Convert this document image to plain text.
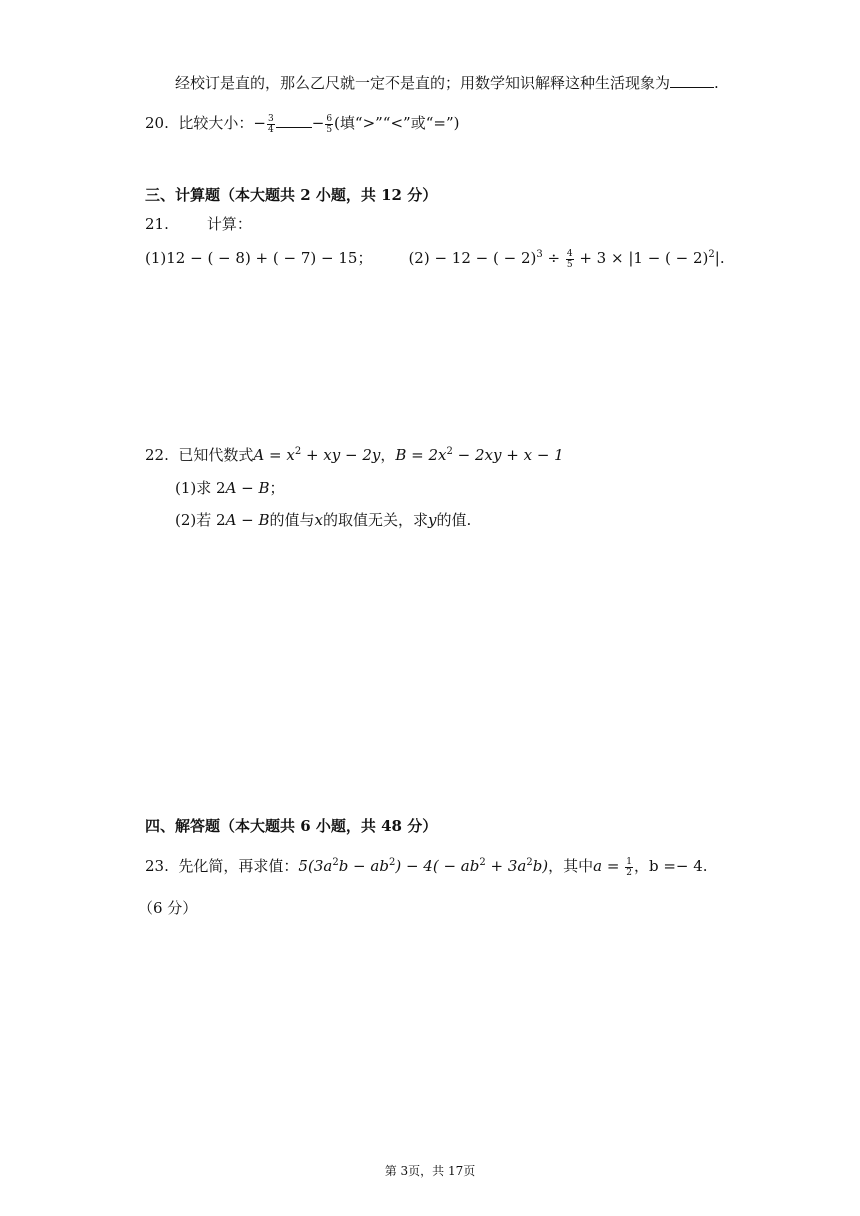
经校订是直的，那么乙尺就一定不是直的；用数学知识解释这种生活现象为	.
20. 比较大小：− $\frac{3}{4} - \frac{6}{5}$ (填“>”“<”或“=”)
三、计算题（本大题共 2 小题，共 12 分）
21.	计算：
(1)12 − ( − 8) + ( − 7) − 15； (2) − 12 − ( − $2)^3 \div \frac{4}{5} + 3 \times |1$ − ( − 2)$^2$|.
22. 已知代数式$A = x^2$ + xy − 2y，$B = 2x^2 - 2xy + x - 1$
(1)求 2A − B；
(2)若 2A − B的值与x的取值无关，求y的值.
四、解答题（本大题共 6 小题，共 48 分）
23. 先化简，再求值：$5(3a^2b - ab^2) - 4( - ab^2 + 3a^2b)$，其中$a = \frac{1}{2}$ ，b =− 4.
（6 分）
第 3页，共 17页
